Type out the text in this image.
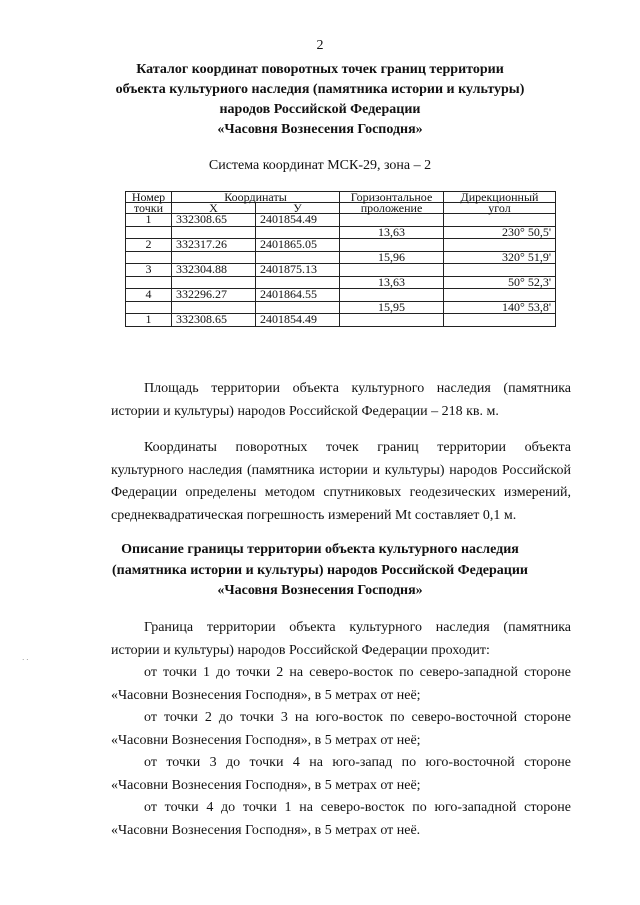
2
Каталог координат поворотных точек границ территории
объекта культуриого наследия (памятника истории и культуры)
народов Российской Федерации
«Часовня Вознесения Господня»
Система координат МСК-29, зона – 2
Номер	Координаты		Горизонтальное	Дирекционный
точки	X	У	проложение	угол
1	332308.65	2401854.49		
			13,63	230° 50,5'
2	332317.26	2401865.05		
			15,96	320° 51,9'
3	332304.88	2401875.13		
			13,63	50° 52,3'
4	332296.27	2401864.55		
			15,95	140° 53,8'
1	332308.65	2401854.49		

Площадь территории объекта культурного наследия (памятника истории и культуры) народов Российской Федерации – 218 кв. м.

Координаты поворотных точек границ территории объекта культурного наследия (памятника истории и культуры) народов Российской Федерации определены методом спутниковых геодезических измерений, среднеквадратическая погрешность измерений Mt составляет 0,1 м.

Описание границы территории объекта культурного наследия
(памятника истории и культуры) народов Российской Федерации
«Часовня Вознесения Господня»
· ·

Граница территории объекта культурного наследия (памятника истории и культуры) народов Российской Федерации проходит:

от точки 1 до точки 2 на северо-восток по северо-западной стороне «Часовни Вознесения Господня», в 5 метрах от неё;

от точки 2 до точки 3 на юго-восток по северо-восточной стороне «Часовни Вознесения Господня», в 5 метрах от неё;

от точки 3 до точки 4 на юго-запад по юго-восточной стороне «Часовни Вознесения Господня», в 5 метрах от неё;

от точки 4 до точки 1 на северо-восток по юго-западной стороне «Часовни Вознесения Господня», в 5 метрах от неё.
